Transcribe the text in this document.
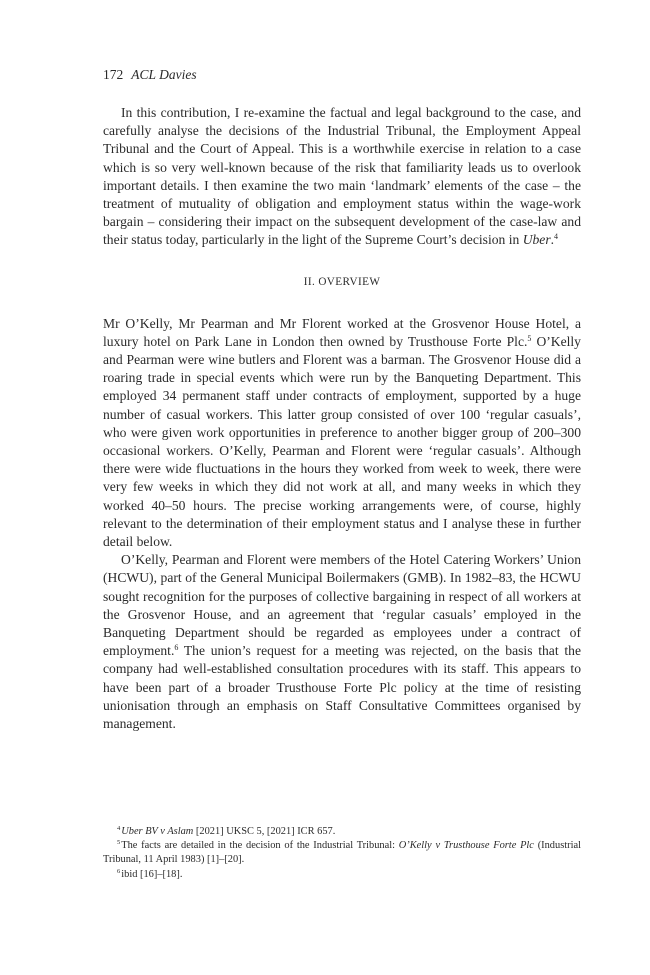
172 ACL Davies

In this contribution, I re-examine the factual and legal background to the case, and carefully analyse the decisions of the Industrial Tribunal, the Employment Appeal Tribunal and the Court of Appeal. This is a worthwhile exercise in relation to a case which is so very well-known because of the risk that familiarity leads us to overlook important details. I then examine the two main ‘landmark’ elements of the case – the treatment of mutuality of obligation and employment status within the wage-work bargain – considering their impact on the subsequent development of the case-law and their status today, particularly in the light of the Supreme Court’s decision in Uber.$^4$

II. OVERVIEW

Mr O’Kelly, Mr Pearman and Mr Florent worked at the Grosvenor House Hotel, a luxury hotel on Park Lane in London then owned by Trusthouse Forte Plc.$^5$ O’Kelly and Pearman were wine butlers and Florent was a barman. The Grosvenor House did a roaring trade in special events which were run by the Banqueting Department. This employed 34 permanent staff under contracts of employment, supported by a huge number of casual workers. This latter group consisted of over 100 ‘regular casuals’, who were given work opportunities in preference to another bigger group of 200–300 occasional workers. O’Kelly, Pearman and Florent were ‘regular casuals’. Although there were wide fluctuations in the hours they worked from week to week, there were very few weeks in which they did not work at all, and many weeks in which they worked 40–50 hours. The precise working arrangements were, of course, highly relevant to the determination of their employment status and I analyse these in further detail below.

O’Kelly, Pearman and Florent were members of the Hotel Catering Workers’ Union (HCWU), part of the General Municipal Boilermakers (GMB). In 1982–83, the HCWU sought recognition for the purposes of collective bargaining in respect of all workers at the Grosvenor House, and an agreement that ‘regular casuals’ employed in the Banqueting Department should be regarded as employees under a contract of employment.$^6$ The union’s request for a meeting was rejected, on the basis that the company had well-established consultation procedures with its staff. This appears to have been part of a broader Trusthouse Forte Plc policy at the time of resisting unionisation through an emphasis on Staff Consultative Committees organised by management.

$^4$Uber BV v Aslam [2021] UKSC 5, [2021] ICR 657.

$^5$The facts are detailed in the decision of the Industrial Tribunal: O’Kelly v Trusthouse Forte Plc (Industrial Tribunal, 11 April 1983) [1]–[20].

$^6$ibid [16]–[18].
